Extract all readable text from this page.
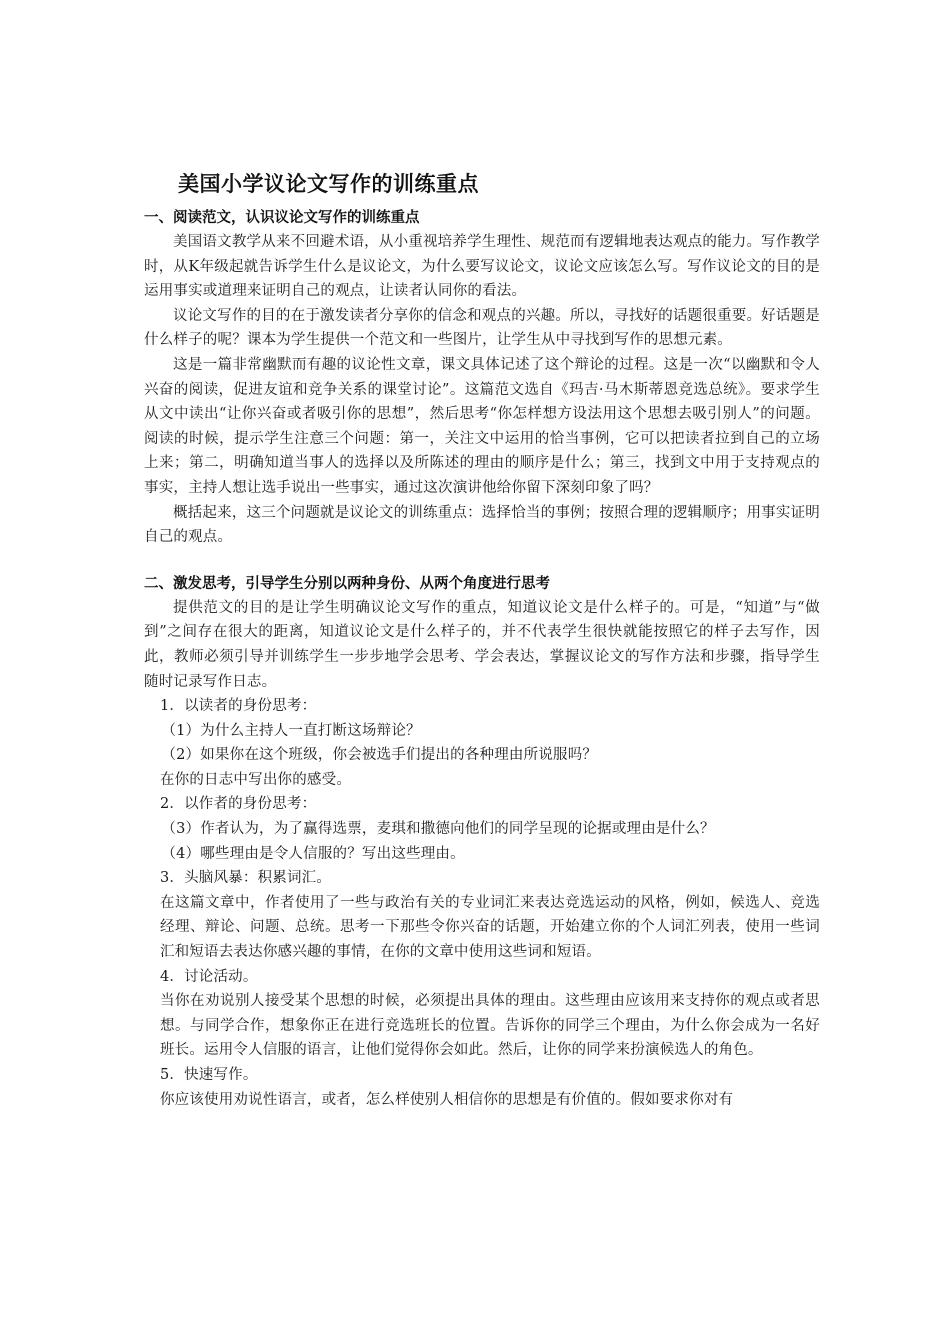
美国小学议论文写作的训练重点
一、阅读范文，认识议论文写作的训练重点

美国语文教学从来不回避术语，从小重视培养学生理性、规范而有逻辑地表达观点的能力。写作教学时，从K年级起就告诉学生什么是议论文，为什么要写议论文，议论文应该怎么写。写作议论文的目的是运用事实或道理来证明自己的观点，让读者认同你的看法。

议论文写作的目的在于激发读者分享你的信念和观点的兴趣。所以，寻找好的话题很重要。好话题是什么样子的呢？课本为学生提供一个范文和一些图片，让学生从中寻找到写作的思想元素。

这是一篇非常幽默而有趣的议论性文章，课文具体记述了这个辩论的过程。这是一次“以幽默和令人兴奋的阅读，促进友谊和竞争关系的课堂讨论”。这篇范文选自《玛吉·马木斯蒂恩竞选总统》。要求学生从文中读出“让你兴奋或者吸引你的思想”，然后思考“你怎样想方设法用这个思想去吸引别人”的问题。阅读的时候，提示学生注意三个问题：第一，关注文中运用的恰当事例，它可以把读者拉到自己的立场上来；第二，明确知道当事人的选择以及所陈述的理由的顺序是什么；第三，找到文中用于支持观点的事实，主持人想让选手说出一些事实，通过这次演讲他给你留下深刻印象了吗？

概括起来，这三个问题就是议论文的训练重点：选择恰当的事例；按照合理的逻辑顺序；用事实证明自己的观点。

二、激发思考，引导学生分别以两种身份、从两个角度进行思考

提供范文的目的是让学生明确议论文写作的重点，知道议论文是什么样子的。可是，“知道”与“做到”之间存在很大的距离，知道议论文是什么样子的，并不代表学生很快就能按照它的样子去写作，因此，教师必须引导并训练学生一步步地学会思考、学会表达，掌握议论文的写作方法和步骤，指导学生随时记录写作日志。

1．以读者的身份思考：

（1）为什么主持人一直打断这场辩论？

（2）如果你在这个班级，你会被选手们提出的各种理由所说服吗？

在你的日志中写出你的感受。

2．以作者的身份思考：

（3）作者认为，为了赢得选票，麦琪和撒德向他们的同学呈现的论据或理由是什么？

（4）哪些理由是令人信服的？写出这些理由。

3．头脑风暴：积累词汇。

在这篇文章中，作者使用了一些与政治有关的专业词汇来表达竞选运动的风格，例如，候选人、竞选经理、辩论、问题、总统。思考一下那些令你兴奋的话题，开始建立你的个人词汇列表，使用一些词汇和短语去表达你感兴趣的事情，在你的文章中使用这些词和短语。

4．讨论活动。

当你在劝说别人接受某个思想的时候，必须提出具体的理由。这些理由应该用来支持你的观点或者思想。与同学合作，想象你正在进行竞选班长的位置。告诉你的同学三个理由，为什么你会成为一名好班长。运用令人信服的语言，让他们觉得你会如此。然后，让你的同学来扮演候选人的角色。

5．快速写作。

你应该使用劝说性语言，或者，怎么样使别人相信你的思想是有价值的。假如要求你对有
